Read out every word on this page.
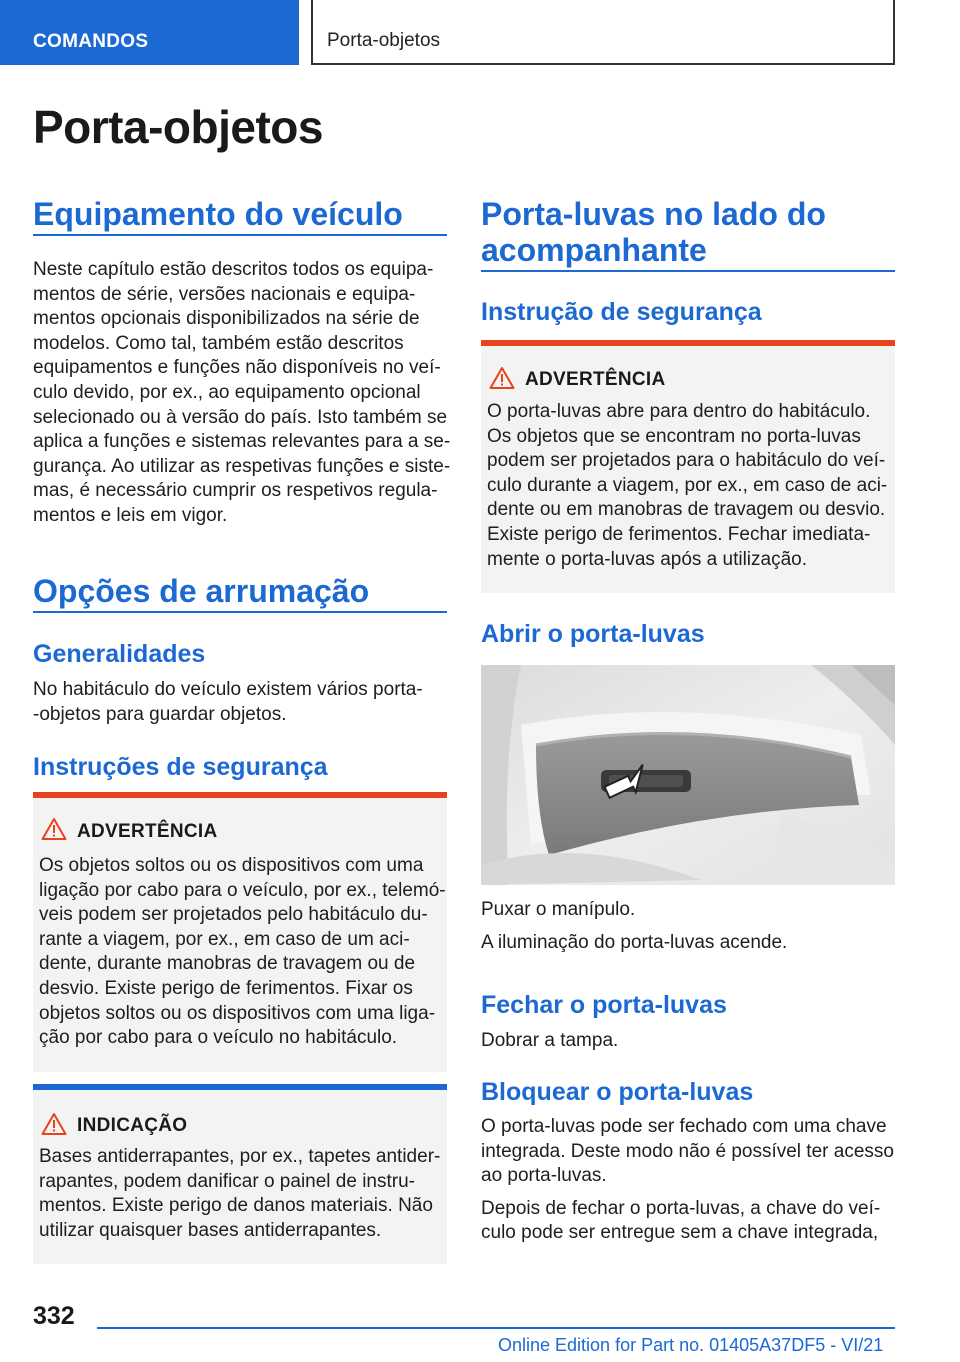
COMANDOS	Porta-objetos
Porta-objetos
Equipamento do veículo
Neste capítulo estão descritos todos os equipa‐
mentos de série, versões nacionais e equipa‐
mentos opcionais disponibilizados na série de
modelos. Como tal, também estão descritos
equipamentos e funções não disponíveis no veí‐
culo devido, por ex., ao equipamento opcional
selecionado ou à versão do país. Isto também se
aplica a funções e sistemas relevantes para a se‐
gurança. Ao utilizar as respetivas funções e siste‐
mas, é necessário cumprir os respetivos regula‐
mentos e leis em vigor.
Opções de arrumação
Generalidades
No habitáculo do veículo existem vários porta‐
‐objetos para guardar objetos.
Instruções de segurança
ADVERTÊNCIA
Os objetos soltos ou os dispositivos com uma
ligação por cabo para o veículo, por ex., telemó‐
veis podem ser projetados pelo habitáculo du‐
rante a viagem, por ex., em caso de um aci‐
dente, durante manobras de travagem ou de
desvio. Existe perigo de ferimentos. Fixar os
objetos soltos ou os dispositivos com uma liga‐
ção por cabo para o veículo no habitáculo.
INDICAÇÃO
Bases antiderrapantes, por ex., tapetes antider‐
rapantes, podem danificar o painel de instru‐
mentos. Existe perigo de danos materiais. Não
utilizar quaisquer bases antiderrapantes.
Porta-luvas no lado do
acompanhante
Instrução de segurança
ADVERTÊNCIA
O porta-luvas abre para dentro do habitáculo.
Os objetos que se encontram no porta-luvas
podem ser projetados para o habitáculo do veí‐
culo durante a viagem, por ex., em caso de aci‐
dente ou em manobras de travagem ou desvio.
Existe perigo de ferimentos. Fechar imediata‐
mente o porta-luvas após a utilização.
Abrir o porta-luvas
Puxar o manípulo.
A iluminação do porta-luvas acende.
Fechar o porta-luvas
Dobrar a tampa.
Bloquear o porta-luvas
O porta-luvas pode ser fechado com uma chave
integrada. Deste modo não é possível ter acesso
ao porta-luvas.
Depois de fechar o porta-luvas, a chave do veí‐
culo pode ser entregue sem a chave integrada,
332
Online Edition for Part no. 01405A37DF5 - VI/21
